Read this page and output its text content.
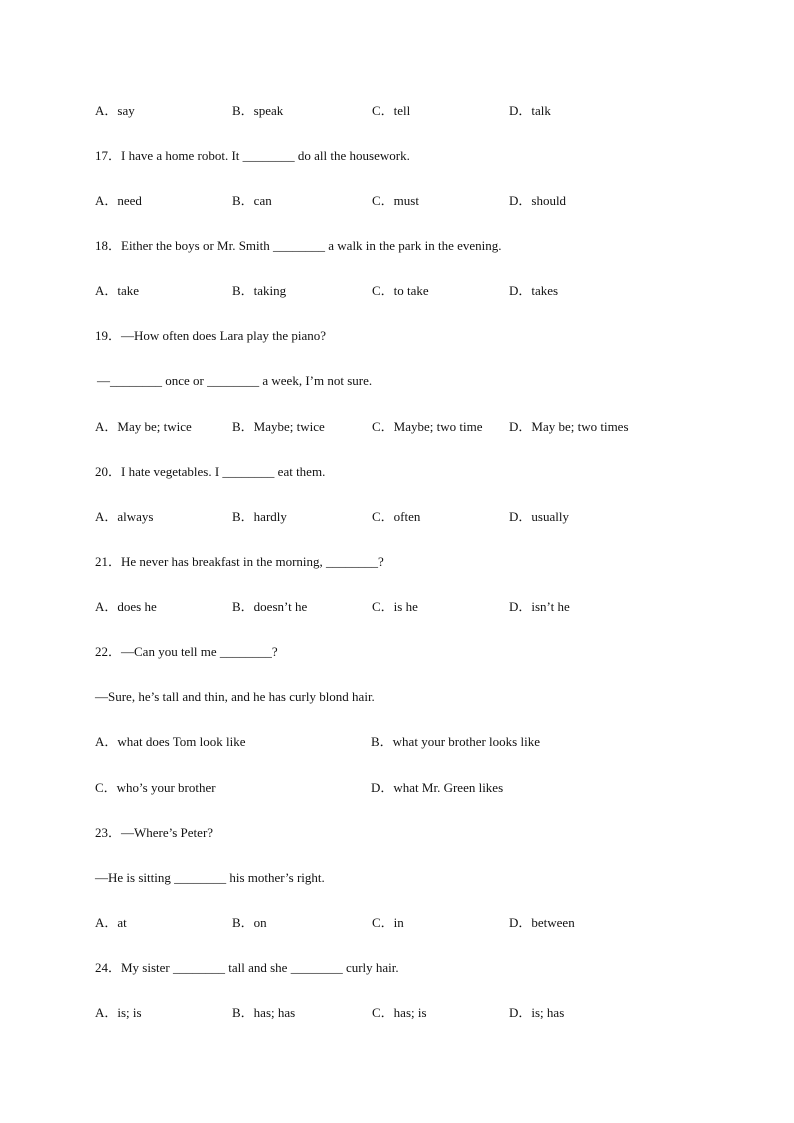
A．say	B．speak	C．tell	D．talk
17．I have a home robot. It ________ do all the housework.
A．need	B．can	C．must	D．should
18．Either the boys or Mr. Smith ________ a walk in the park in the evening.
A．take	B．taking	C．to take	D．takes
19．—How often does Lara play the piano?
—________ once or ________ a week, I’m not sure.
A．May be; twice	B．Maybe; twice	C．Maybe; two time D．May be; two times
20．I hate vegetables. I ________ eat them.
A．always	B．hardly	C．often	D．usually
21．He never has breakfast in the morning, ________?
A．does he	B．doesn’t he	C．is he	D．isn’t he
22．—Can you tell me ________?
—Sure, he’s tall and thin, and he has curly blond hair.
A．what does Tom look like	B．what your brother looks like
C．who’s your brother	D．what Mr. Green likes
23．—Where’s Peter?
—He is sitting ________ his mother’s right.
A．at	B．on	C．in	D．between
24．My sister ________ tall and she ________ curly hair.
A．is; is	B．has; has	C．has; is	D．is; has
